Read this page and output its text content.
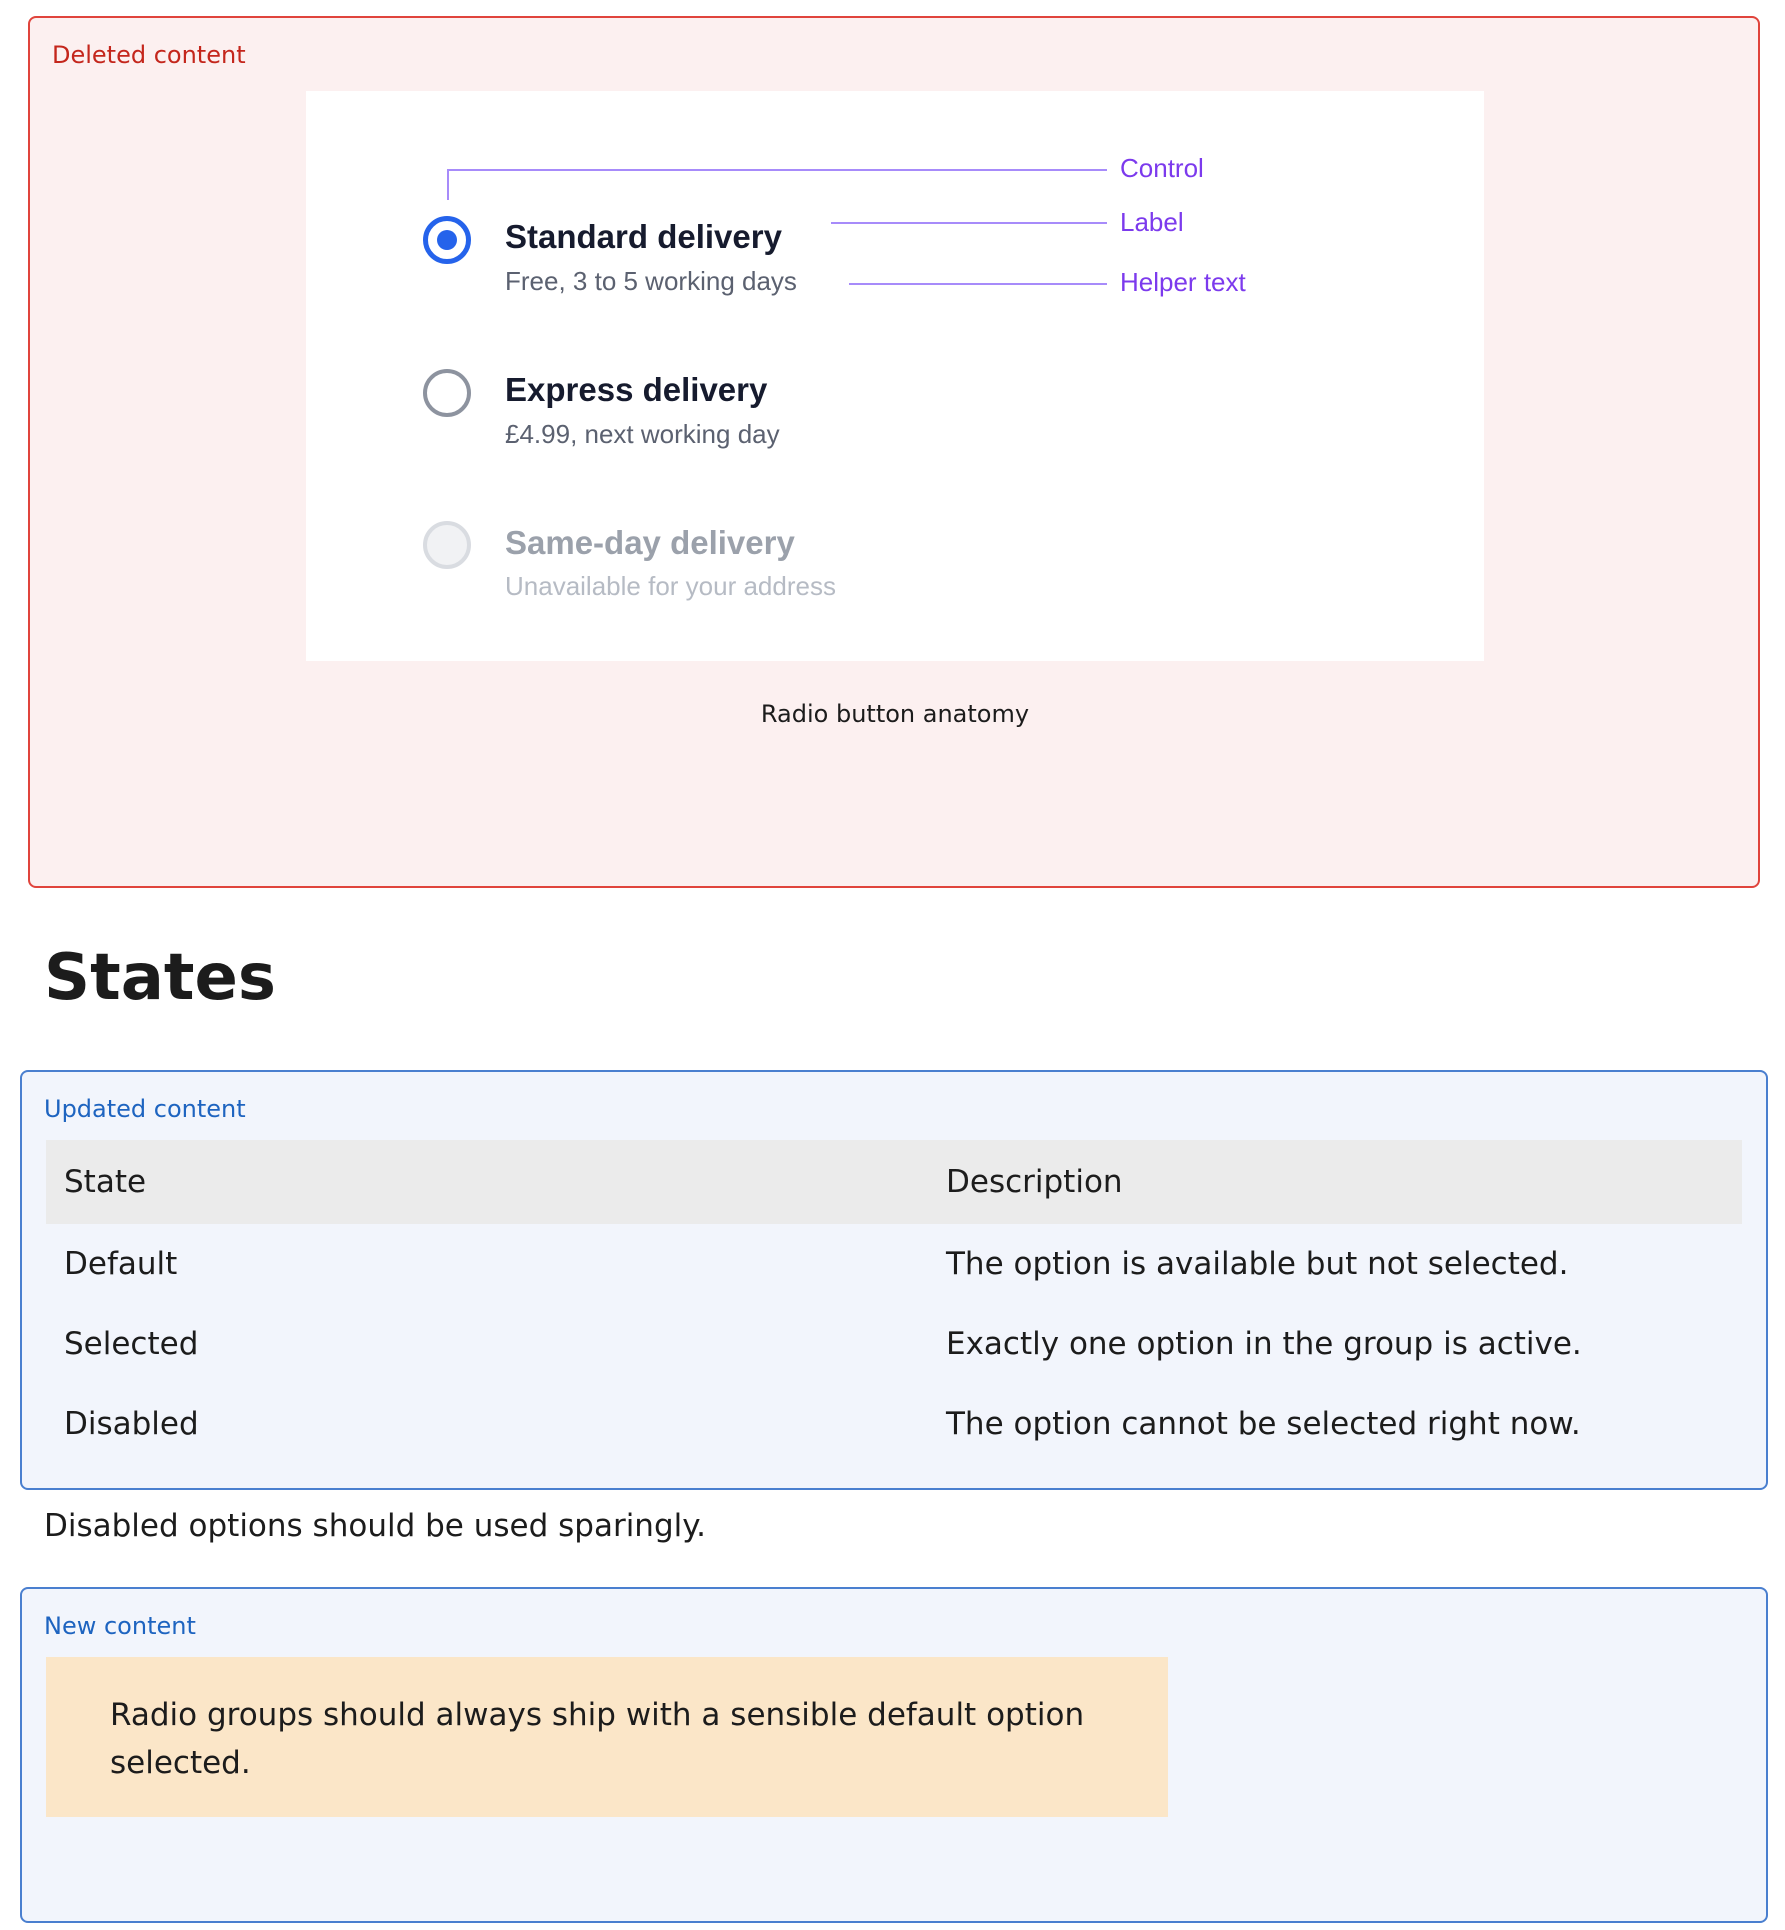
Deleted content
Control
Label
Helper text
Standard delivery
Free, 3 to 5 working days
Express delivery
£4.99, next working day
Same-day delivery
Unavailable for your address
Radio button anatomy
States
Updated content
State	Description
Default	The option is available but not selected.
Selected	Exactly one option in the group is active.
Disabled	The option cannot be selected right now.

Disabled options should be used sparingly.

New content
Radio groups should always ship with a sensible default option selected.
